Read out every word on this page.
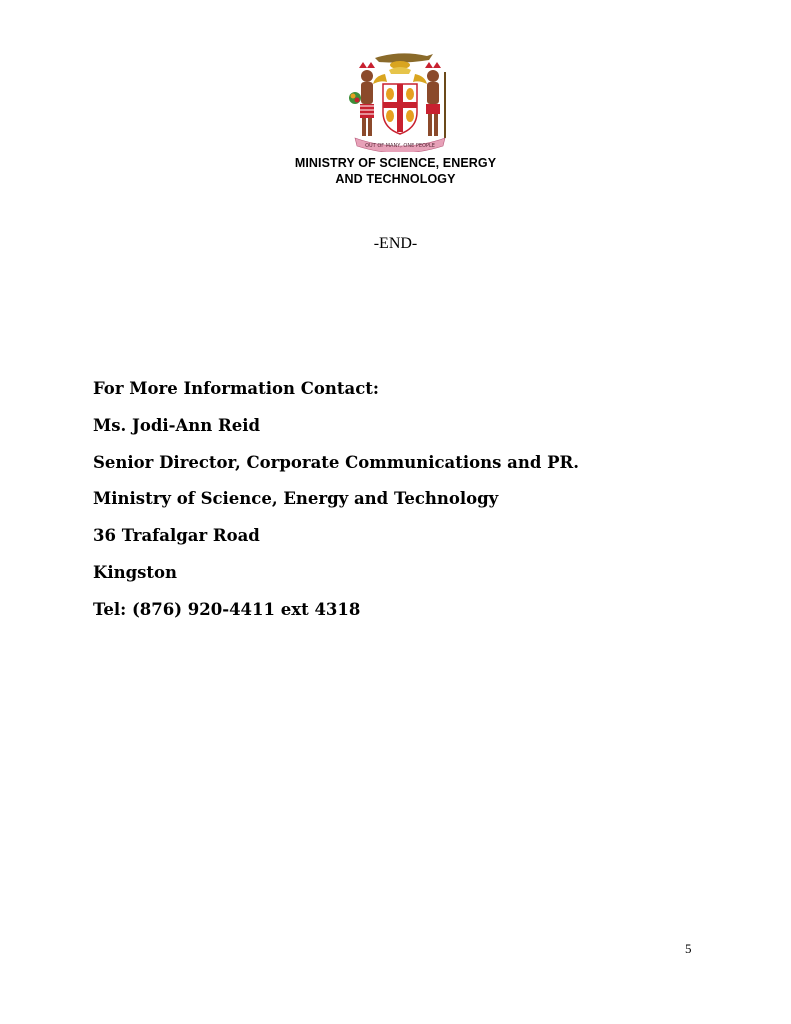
OUT OF MANY, ONE PEOPLE
MINISTRY OF SCIENCE, ENERGY
AND TECHNOLOGY
-END-
For More Information Contact:
Ms. Jodi-Ann Reid
Senior Director, Corporate Communications and PR.
Ministry of Science, Energy and Technology
36 Trafalgar Road
Kingston
Tel: (876) 920-4411 ext 4318
5
